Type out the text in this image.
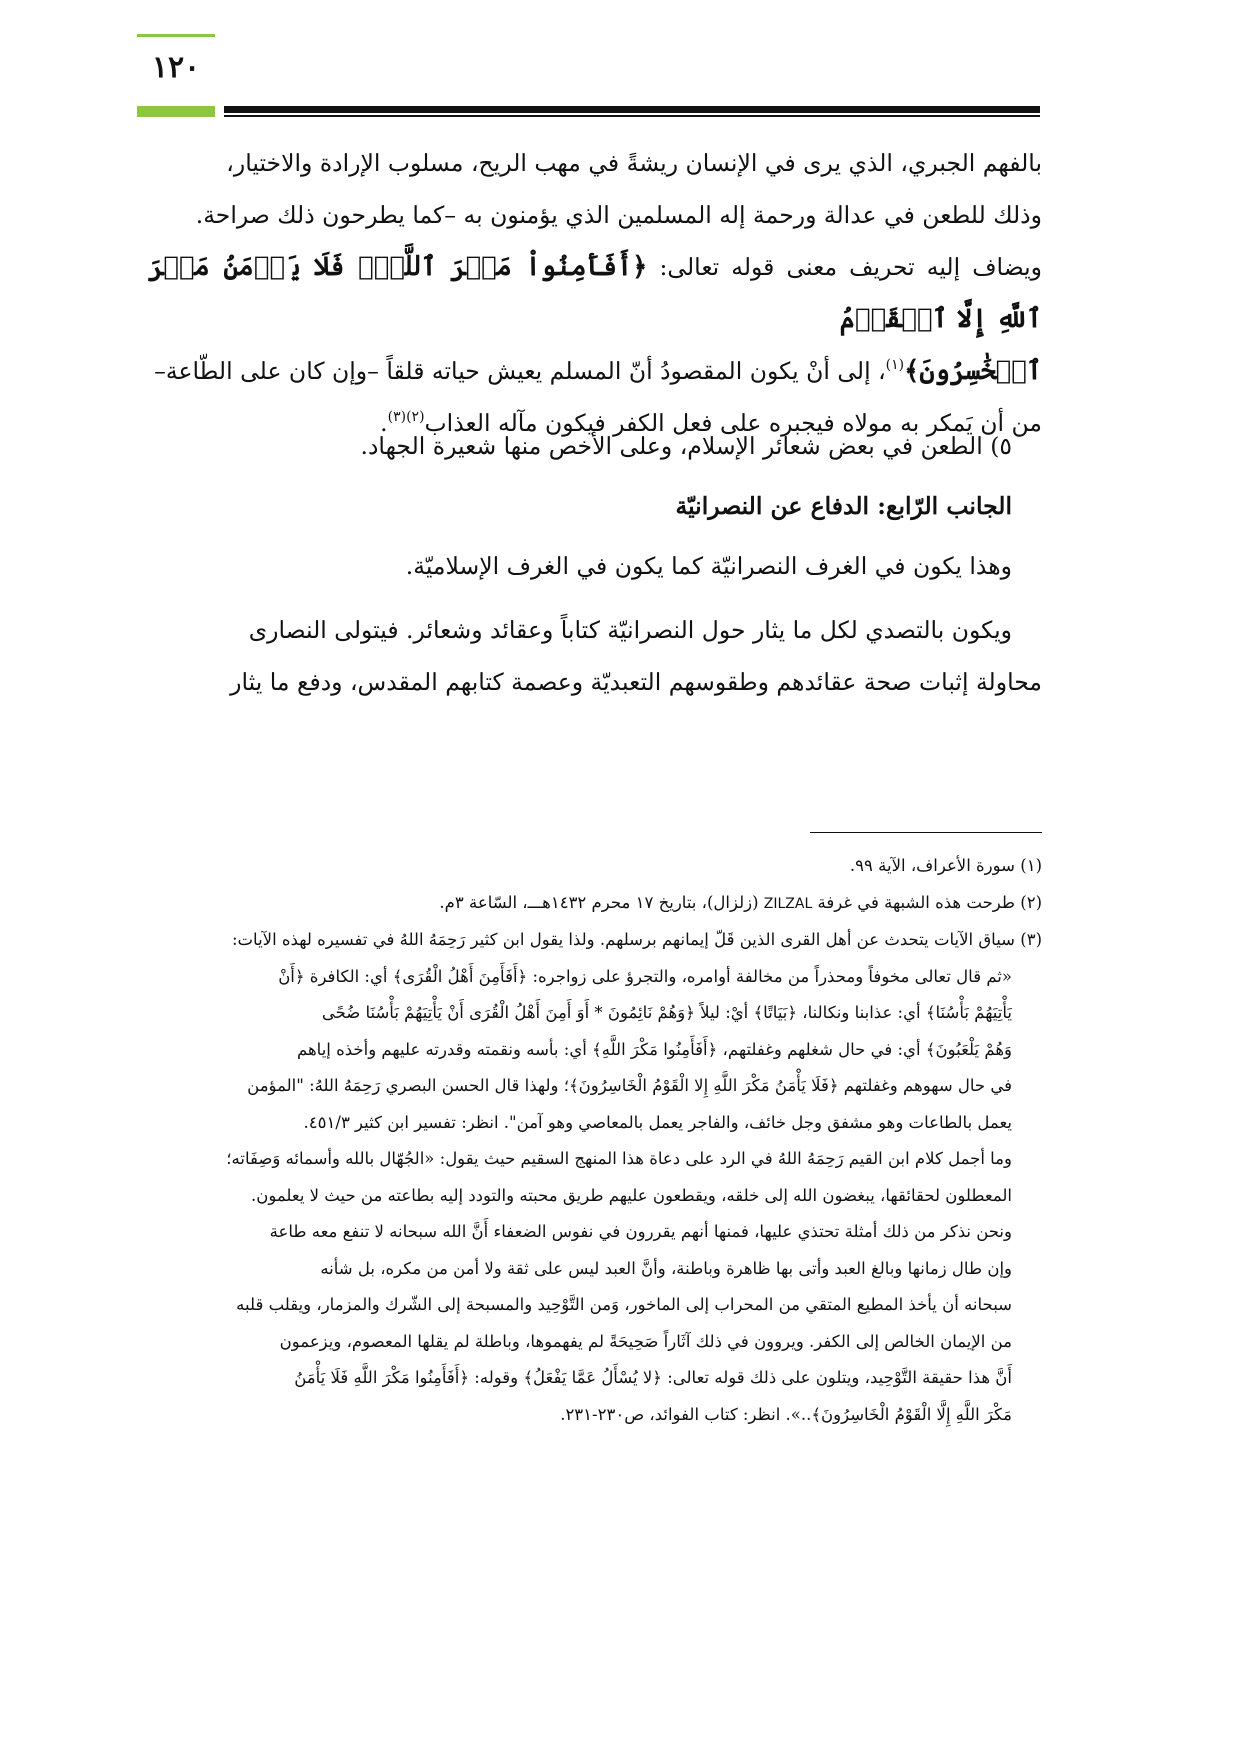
١٢٠

بالفهم الجبري، الذي يرى في الإنسان ريشةً في مهب الريح، مسلوب الإرادة والاختيار،

وذلك للطعن في عدالة ورحمة إله المسلمين الذي يؤمنون به –كما يطرحون ذلك صراحة.

ويضاف إليه تحريف معنى قوله تعالى: ﴿أَفَأَمِنُواْ مَكۡرَ ٱللَّهِۚ فَلَا يَأۡمَنُ مَكۡرَ ٱللَّهِ إِلَّا ٱلۡقَوۡمُ

ٱلۡخَٰسِرُونَ﴾$^{(١)}$، إلى أنْ يكون المقصودُ أنّ المسلم يعيش حياته قلقاً –وإن كان على الطّاعة–

من أن يَمكر به مولاه فيجبره على فعل الكفر فيكون مآله العذاب$^{(٢)(٣)}$.

٥) الطعن في بعض شعائر الإسلام، وعلى الأخص منها شعيرة الجهاد.

الجانب الرّابع: الدفاع عن النصرانيّة

وهذا يكون في الغرف النصرانيّة كما يكون في الغرف الإسلاميّة.

ويكون بالتصدي لكل ما يثار حول النصرانيّة كتاباً وعقائد وشعائر. فيتولى النصارى

محاولة إثبات صحة عقائدهم وطقوسهم التعبديّة وعصمة كتابهم المقدس، ودفع ما يثار

(١) سورة الأعراف، الآية ٩٩.

(٢) طرحت هذه الشبهة في غرفة ZILZAL (زلزال)، بتاريخ ١٧ محرم ١٤٣٢هـــ، السّاعة ٣م.

(٣) سياق الآيات يتحدث عن أهل القرى الذين قَلّ إيمانهم برسلهم. ولذا يقول ابن كثير رَحِمَهُ اللهُ في تفسيره لهذه الآيات:

«ثم قال تعالى مخوفاً ومحذراً من مخالفة أوامره، والتجرؤ على زواجره: ﴿أَفَأَمِنَ أَهْلُ الْقُرَى﴾ أي: الكافرة ﴿أَنْ

يَأْتِيَهُمْ بَأْسُنَا﴾ أي: عذابنا ونكالنا، ﴿بَيَاتًا﴾ أيْ: ليلاً ﴿وَهُمْ نَائِمُونَ * أَوَ أَمِنَ أَهْلُ الْقُرَى أَنْ يَأْتِيَهُمْ بَأْسُنَا ضُحًى

وَهُمْ يَلْعَبُونَ﴾ أي: في حال شغلهم وغفلتهم، ﴿أَفَأَمِنُوا مَكْرَ اللَّهِ﴾ أي: بأسه ونقمته وقدرته عليهم وأخذه إياهم

في حال سهوهم وغفلتهم ﴿فَلَا يَأْمَنُ مَكْرَ اللَّهِ إِلا الْقَوْمُ الْخَاسِرُونَ﴾؛ ولهذا قال الحسن البصري رَحِمَهُ اللهُ: "المؤمن

يعمل بالطاعات وهو مشفق وجل خائف، والفاجر يعمل بالمعاصي وهو آمن". انظر: تفسير ابن كثير ٤٥١/٣.

وما أجمل كلام ابن القيم رَحِمَهُ اللهُ في الرد على دعاة هذا المنهج السقيم حيث يقول: «الجُهّال بالله وأسمائه وَصِفَاته؛

المعطلون لحقائقها، يبغضون الله إلى خلقه، ويقطعون عليهم طريق محبته والتودد إليه بطاعته من حيث لا يعلمون.

ونحن نذكر من ذلك أمثلة تحتذي عليها، فمنها أنهم يقررون في نفوس الضعفاء أَنَّ الله سبحانه لا تنفع معه طاعة

وإن طال زمانها وبالغ العبد وأتى بها ظاهرة وباطنة، وأنَّ العبد ليس على ثقة ولا أمن من مكره، بل شأنه

سبحانه أن يأخذ المطيع المتقي من المحراب إلى الماخور، وَمن التَّوْحِيد والمسبحة إلى الشّرك والمزمار، ويقلب قلبه

من الإيمان الخالص إلى الكفر. ويروون في ذلك آثَاراً صَحِيحَةً لم يفهموها، وباطلة لم يقلها المعصوم، ويزعمون

أَنَّ هذا حقيقة التَّوْحِيد، ويتلون على ذلك قوله تعالى: ﴿لا يُسْأَلُ عَمَّا يَفْعَلُ﴾ وقوله: ﴿أَفَأَمِنُوا مَكْرَ اللَّهِ فَلَا يَأْمَنُ

مَكْرَ اللَّهِ إِلَّا الْقَوْمُ الْخَاسِرُونَ﴾..». انظر: كتاب الفوائد، ص٢٣٠-٢٣١.
